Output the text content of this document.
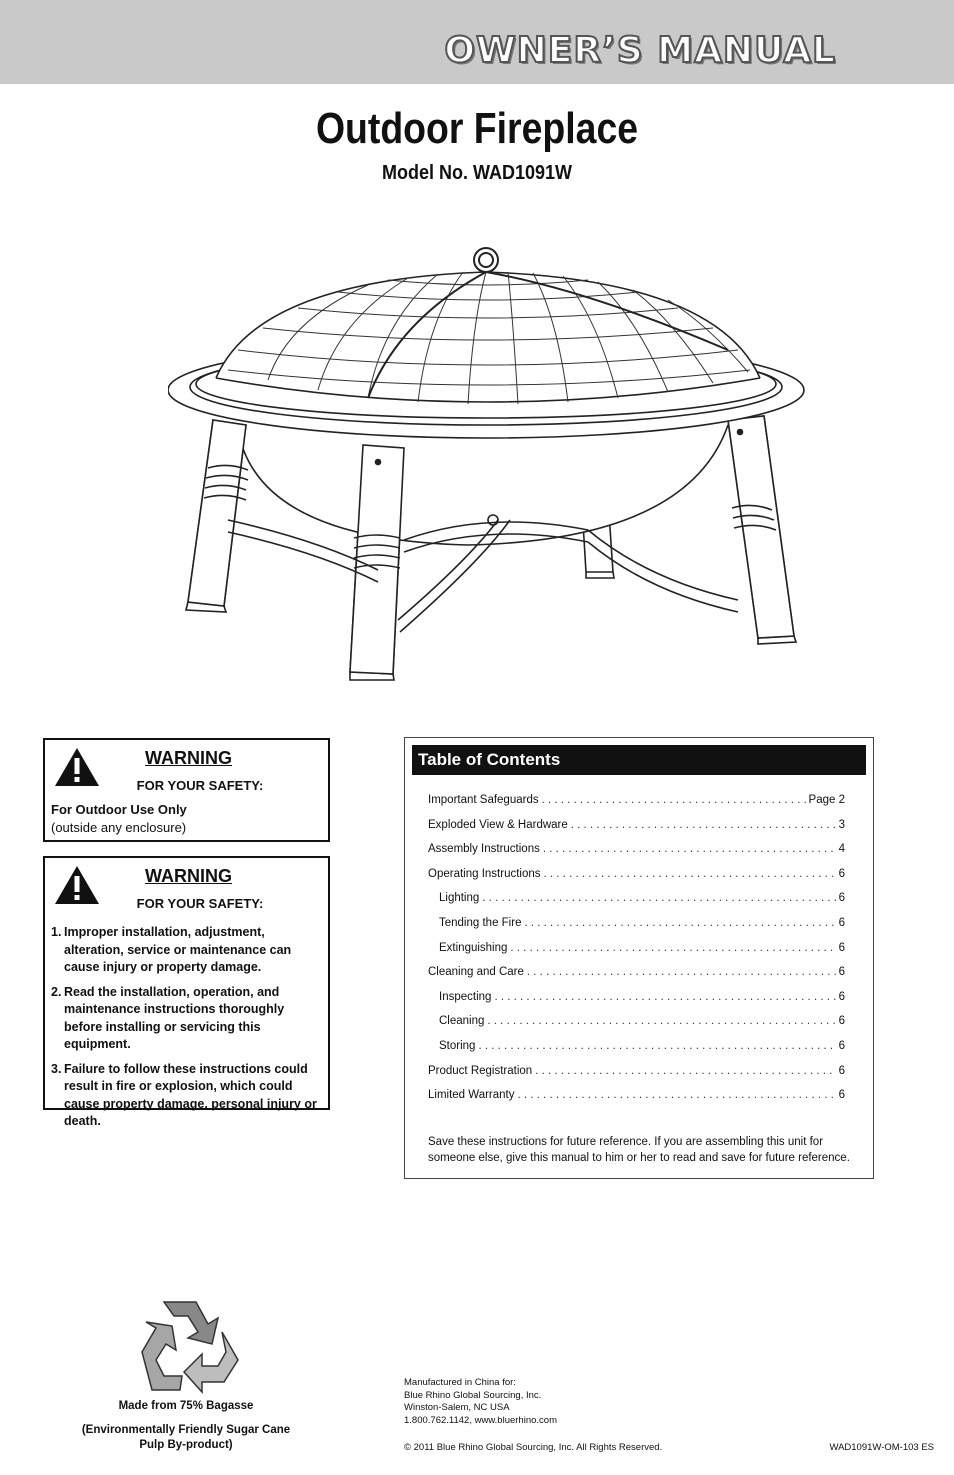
OWNER’S MANUAL
Outdoor Fireplace
Model No. WAD1091W
WARNING
FOR YOUR SAFETY:
For Outdoor Use Only
(outside any enclosure)
WARNING
FOR YOUR SAFETY:
1. Improper installation, adjustment, alteration, service or maintenance can cause injury or property damage.
2. Read the installation, operation, and maintenance instructions thoroughly before installing or servicing this equipment.
3. Failure to follow these instructions could result in fire or explosion, which could cause property damage, personal injury or death.
Table of Contents
Important Safeguards . . .	Page 2
Exploded View & Hardware . . .	3
Assembly Instructions . . .	4
Operating Instructions . . .	6
Lighting . . .	6
Tending the Fire . . .	6
Extinguishing . . .	6
Cleaning and Care . . .	6
Inspecting . . .	6
Cleaning . . .	6
Storing . . .	6
Product Registration . . .	6
Limited Warranty . . .	6
Save these instructions for future reference. If you are assembling this unit for someone else, give this manual to him or her to read and save for future reference.
Made from 75% Bagasse
(Environmentally Friendly Sugar Cane Pulp By-product)
Manufactured in China for:
Blue Rhino Global Sourcing, Inc.
Winston-Salem, NC USA
1.800.762.1142, www.bluerhino.com
© 2011 Blue Rhino Global Sourcing, Inc. All Rights Reserved.	WAD1091W-OM-103 ES
